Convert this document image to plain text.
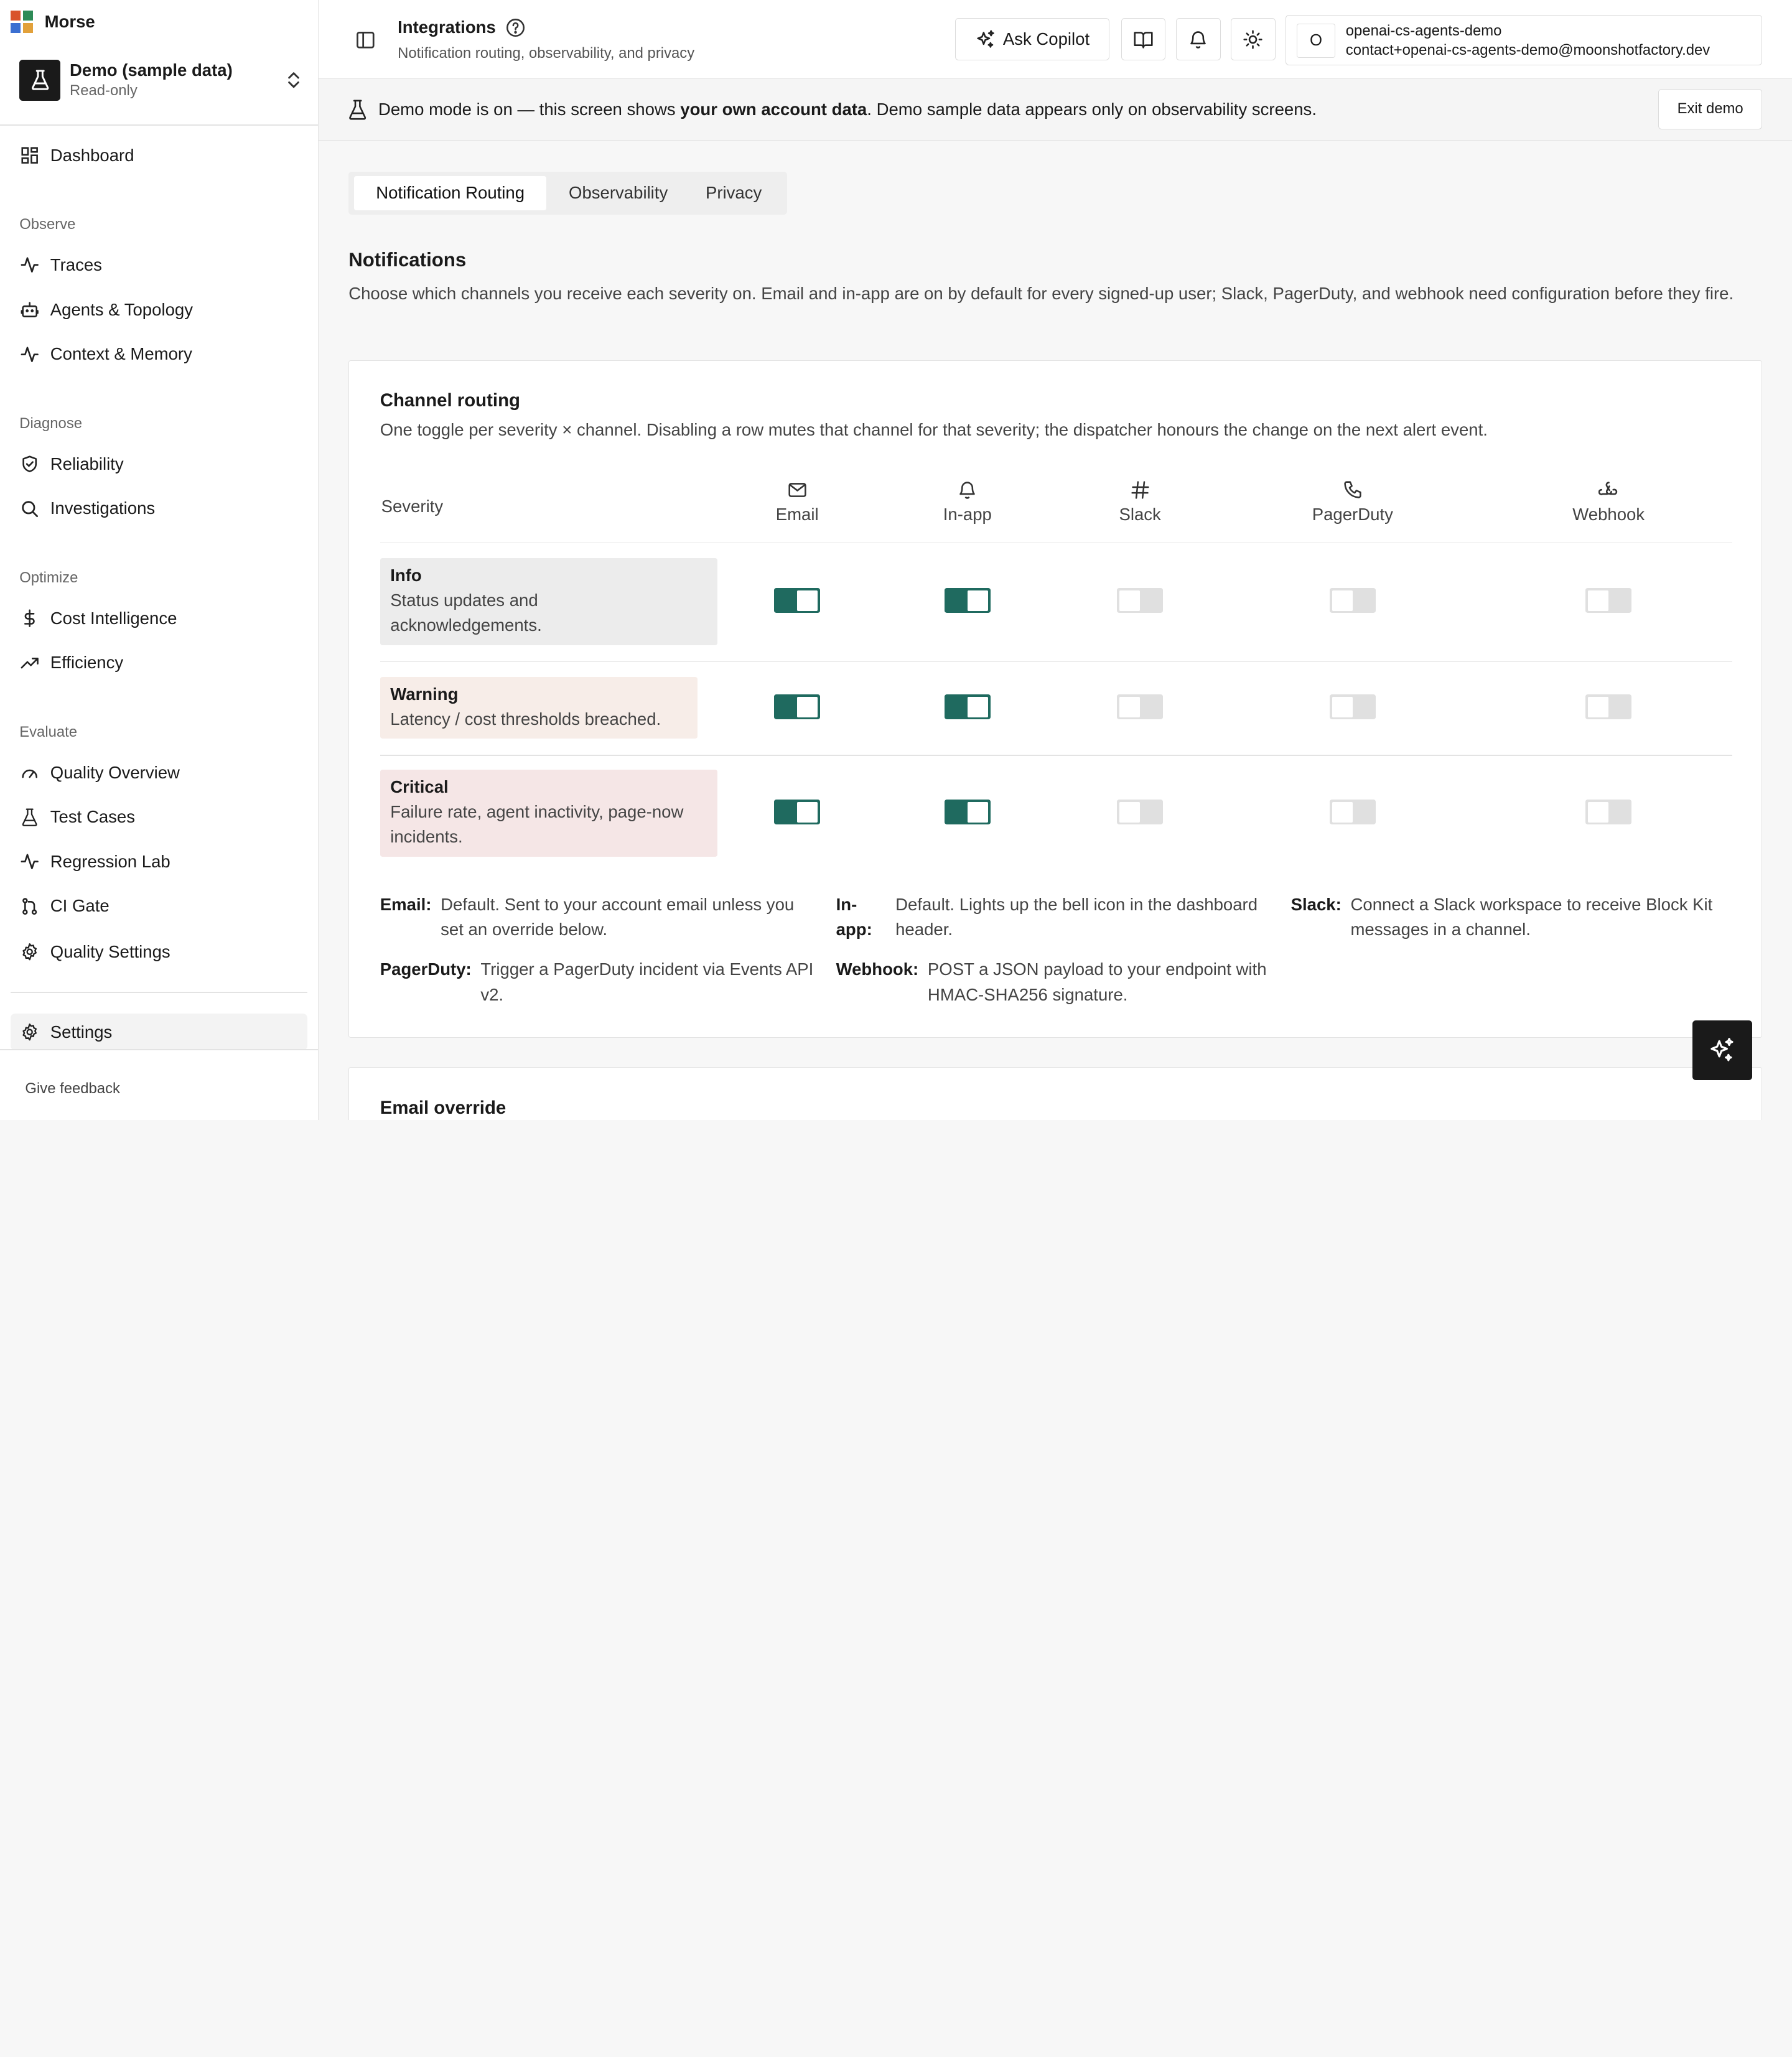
Morse
Demo (sample data)
Read-only
Dashboard
Observe
Traces
Agents & Topology
Context & Memory
Diagnose
Reliability
Investigations
Optimize
Cost Intelligence
Efficiency
Evaluate
Quality Overview
Test Cases
Regression Lab
CI Gate
Quality Settings
Settings
Give feedback
Integrations
Notification routing, observability, and privacy
Ask Copilot	O
openai-cs-agents-demo
contact+openai-cs-agents-demo@moonshotfactory.dev
Demo mode is on — this screen shows your own account data. Demo sample data appears only on observability screens.	Exit demo
Notification Routing	Observability	Privacy
Notifications
Choose which channels you receive each severity on. Email and in-app are on by default for every signed-up user; Slack, PagerDuty, and webhook need configuration before they fire.
Channel routing
One toggle per severity × channel. Disabling a row mutes that channel for that severity; the dispatcher honours the change on the next alert event.
Severity	Email	In-app	Slack	PagerDuty	Webhook
Info
Status updates and acknowledgements.
Warning
Latency / cost thresholds breached.
Critical
Failure rate, agent inactivity, page-now incidents.
Email: Default. Sent to your account email unless you set an override below.
In-app:
Default. Lights up the bell icon in the dashboard header.
Slack: Connect a Slack workspace to receive Block Kit messages in a channel.
PagerDuty: Trigger a PagerDuty incident via Events API v2.
Webhook: POST a JSON payload to your endpoint with HMAC-SHA256 signature.
Email override
